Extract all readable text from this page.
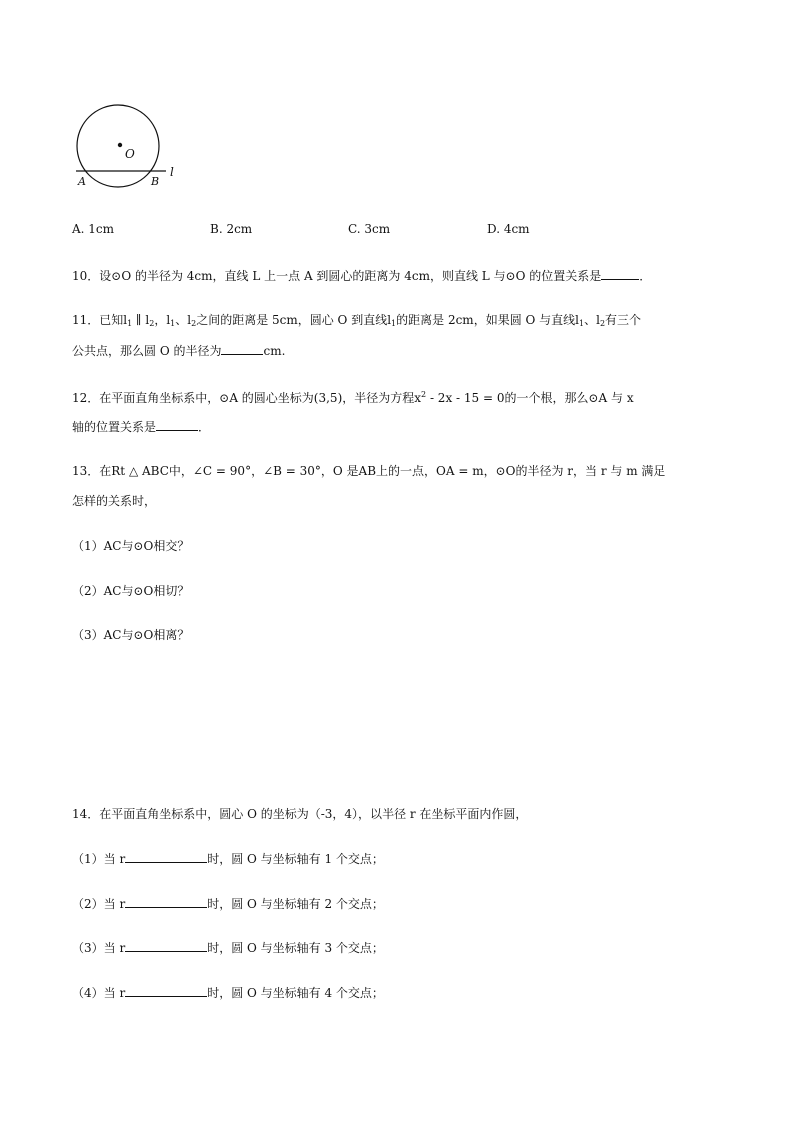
O
A	B
l
A. 1cm	B. 2cm	C. 3cm	D. 4cm
10．设⊙O 的半径为 4cm，直线 L 上一点 A 到圆心的距离为 4cm，则直线 L 与⊙O 的位置关系是	．
11．已知$l_1$ ∥ $l_2$，$l_1$、$l_2$之间的距离是 5cm，圆心 O 到直线$l_1$的距离是 2cm，如果圆 O 与直线$l_1$、$l_2$有三个
公共点，那么圆 O 的半径为	cm.
12．在平面直角坐标系中，⊙A 的圆心坐标为(3,5)，半径为方程$x^2 - 2x - 15 = 0$的一个根，那么⊙A 与 x
轴的位置关系是	．
13．在Rt △ ABC中，∠C = 90°，∠B = 30°，O 是AB上的一点，OA = m，⊙O的半径为 r，当 r 与 m 满足
怎样的关系时，
（1）AC与⊙O相交？
（2）AC与⊙O相切？
（3）AC与⊙O相离？
14．在平面直角坐标系中，圆心 O 的坐标为（-3，4），以半径 r 在坐标平面内作圆，
（1）当 r	时，圆 O 与坐标轴有 1 个交点；
（2）当 r	时，圆 O 与坐标轴有 2 个交点；
（3）当 r	时，圆 O 与坐标轴有 3 个交点；
（4）当 r	时，圆 O 与坐标轴有 4 个交点；
